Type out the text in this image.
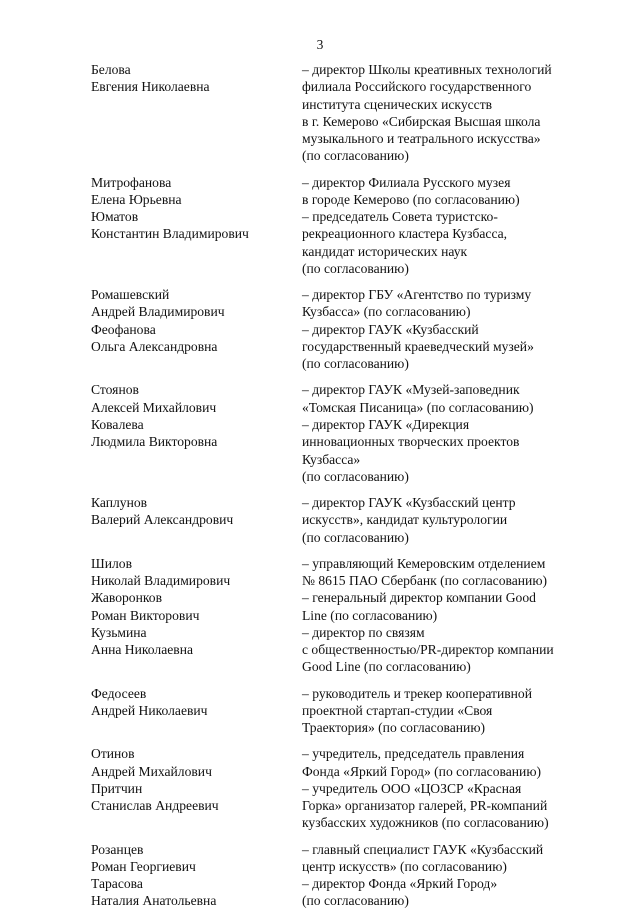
3
Белова	– директор Школы креативных технологий
Евгения Николаевна	филиала Российского государственного
института сценических искусств
в г. Кемерово «Сибирская Высшая школа
музыкального и театрального искусства»
(по согласованию)
Митрофанова	– директор Филиала Русского музея
Елена Юрьевна	в городе Кемерово (по согласованию)
Юматов	– председатель Совета туристско-
Константин Владимирович	рекреационного кластера Кузбасса,
кандидат исторических наук
(по согласованию)
Ромашевский	– директор ГБУ «Агентство по туризму
Андрей Владимирович	Кузбасса» (по согласованию)
Феофанова	– директор ГАУК «Кузбасский
Ольга Александровна	государственный краеведческий музей»
(по согласованию)
Стоянов	– директор ГАУК «Музей-заповедник
Алексей Михайлович	«Томская Писаница» (по согласованию)
Ковалева	– директор ГАУК «Дирекция
Людмила Викторовна	инновационных творческих проектов
Кузбасса»
(по согласованию)
Каплунов	– директор ГАУК «Кузбасский центр
Валерий Александрович	искусств», кандидат культурологии
(по согласованию)
Шилов	– управляющий Кемеровским отделением
Николай Владимирович	№ 8615 ПАО Сбербанк (по согласованию)
Жаворонков	– генеральный директор компании Good
Роман Викторович	Line (по согласованию)
Кузьмина	– директор по связям
Анна Николаевна	с общественностью/PR-директор компании
Good Line (по согласованию)
Федосеев	– руководитель и трекер кооперативной
Андрей Николаевич	проектной стартап-студии «Своя
Траектория» (по согласованию)
Отинов	– учредитель, председатель правления
Андрей Михайлович	Фонда «Яркий Город» (по согласованию)
Притчин	– учредитель ООО «ЦОЗСР «Красная
Станислав Андреевич	Горка» организатор галерей, PR-компаний
кузбасских художников (по согласованию)
Розанцев	– главный специалист ГАУК «Кузбасский
Роман Георгиевич	центр искусств» (по согласованию)
Тарасова	– директор Фонда «Яркий Город»
Наталия Анатольевна	(по согласованию)
